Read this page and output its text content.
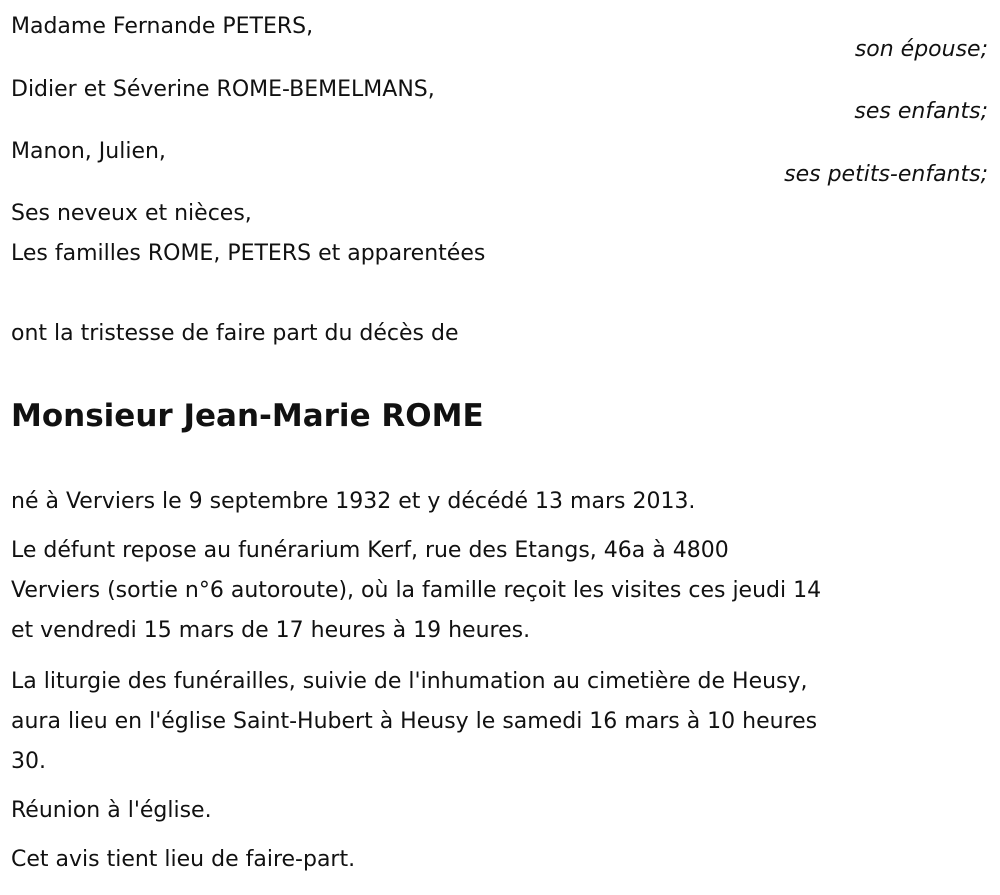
Madame Fernande PETERS,
son épouse;
Didier et Séverine ROME-BEMELMANS,
ses enfants;
Manon, Julien,
ses petits-enfants;
Ses neveux et nièces,
Les familles ROME, PETERS et apparentées
ont la tristesse de faire part du décès de
Monsieur Jean-Marie ROME
né à Verviers le 9 septembre 1932 et y décédé 13 mars 2013.
Le défunt repose au funérarium Kerf, rue des Etangs, 46a à 4800
Verviers (sortie n°6 autoroute), où la famille reçoit les visites ces jeudi 14
et vendredi 15 mars de 17 heures à 19 heures.
La liturgie des funérailles, suivie de l'inhumation au cimetière de Heusy,
aura lieu en l'église Saint-Hubert à Heusy le samedi 16 mars à 10 heures
30.
Réunion à l'église.
Cet avis tient lieu de faire-part.
